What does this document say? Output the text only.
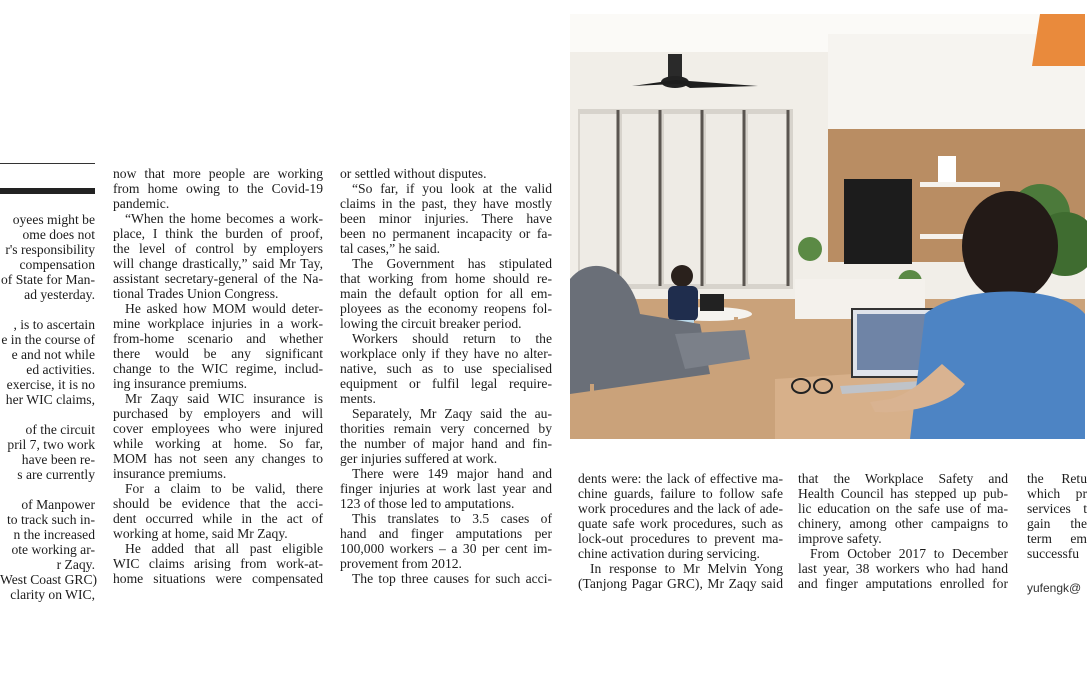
oyees might be
ome does not
r's responsibility
compensation
of State for Man-
ad yesterday.
, is to ascertain
e in the course of
e and not while
ed activities.
exercise, it is no
her WIC claims,
of the circuit
pril 7, two work
have been re-
s are currently
of Manpower
to track such in-
n the increased
ote working ar-
r Zaqy.
West Coast GRC)
clarity on WIC,
now that more people are working
from home owing to the Covid-19
pandemic.
“When the home becomes a work-
place, I think the burden of proof,
the level of control by employers
will change drastically,” said Mr Tay,
assistant secretary-general of the Na-
tional Trades Union Congress.
He asked how MOM would deter-
mine workplace injuries in a work-
from-home scenario and whether
there would be any significant
change to the WIC regime, includ-
ing insurance premiums.
Mr Zaqy said WIC insurance is
purchased by employers and will
cover employees who were injured
while working at home. So far,
MOM has not seen any changes to
insurance premiums.
For a claim to be valid, there
should be evidence that the acci-
dent occurred while in the act of
working at home, said Mr Zaqy.
He added that all past eligible
WIC claims arising from work-at-
home situations were compensated
or settled without disputes.
“So far, if you look at the valid
claims in the past, they have mostly
been minor injuries. There have
been no permanent incapacity or fa-
tal cases,” he said.
The Government has stipulated
that working from home should re-
main the default option for all em-
ployees as the economy reopens fol-
lowing the circuit breaker period.
Workers should return to the
workplace only if they have no alter-
native, such as to use specialised
equipment or fulfil legal require-
ments.
Separately, Mr Zaqy said the au-
thorities remain very concerned by
the number of major hand and fin-
ger injuries suffered at work.
There were 149 major hand and
finger injuries at work last year and
123 of those led to amputations.
This translates to 3.5 cases of
hand and finger amputations per
100,000 workers – a 30 per cent im-
provement from 2012.
The top three causes for such acci-
dents were: the lack of effective ma-
chine guards, failure to follow safe
work procedures and the lack of ade-
quate safe work procedures, such as
lock-out procedures to prevent ma-
chine activation during servicing.
In response to Mr Melvin Yong
(Tanjong Pagar GRC), Mr Zaqy said
that the Workplace Safety and
Health Council has stepped up pub-
lic education on the safe use of ma-
chinery, among other campaigns to
improve safety.
From October 2017 to December
last year, 38 workers who had hand
and finger amputations enrolled for
the Retu
which pr
services t
gain the
term em
successfu
yufengk@
